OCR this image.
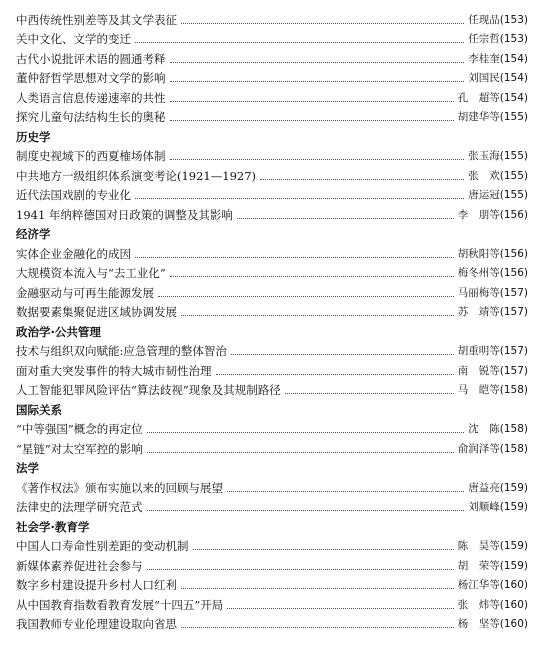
中西传统性别差等及其文学表征	任现品(153)
关中文化、文学的变迁	任宗哲(153)
古代小说批评术语的圆通考释	李桂奎(154)
董仲舒哲学思想对文学的影响	刘国民(154)
人类语言信息传递速率的共性	孔　超等(154)
探究儿童句法结构生长的奥秘	胡建华等(155)
历史学
制度史视域下的西夏榷场体制	张玉海(155)
中共地方一级组织体系演变考论(1921—1927)	张　欢(155)
近代法国戏剧的专业化	唐运冠(155)
1941 年纳粹德国对日政策的调整及其影响	李　朋等(156)
经济学
实体企业金融化的成因	胡秋阳等(156)
大规模资本流入与“去工业化”	梅冬州等(156)
金融驱动与可再生能源发展	马丽梅等(157)
数据要素集聚促进区域协调发展	苏　靖等(157)
政治学·公共管理
技术与组织双向赋能:应急管理的整体智治	胡重明等(157)
面对重大突发事件的特大城市韧性治理	南　锐等(157)
人工智能犯罪风险评估“算法歧视”现象及其规制路径	马　皑等(158)
国际关系
“中等强国”概念的再定位	沈　陈(158)
“星链”对太空军控的影响	俞润泽等(158)
法学
《著作权法》颁布实施以来的回顾与展望	唐益亮(159)
法律史的法理学研究范式	刘顺峰(159)
社会学·教育学
中国人口寿命性别差距的变动机制	陈　昊等(159)
新媒体素养促进社会参与	胡　荣等(159)
数字乡村建设提升乡村人口红利	杨江华等(160)
从中国教育指数看教育发展“十四五”开局	张　炜等(160)
我国教师专业伦理建设取向省思	杨　坚等(160)
